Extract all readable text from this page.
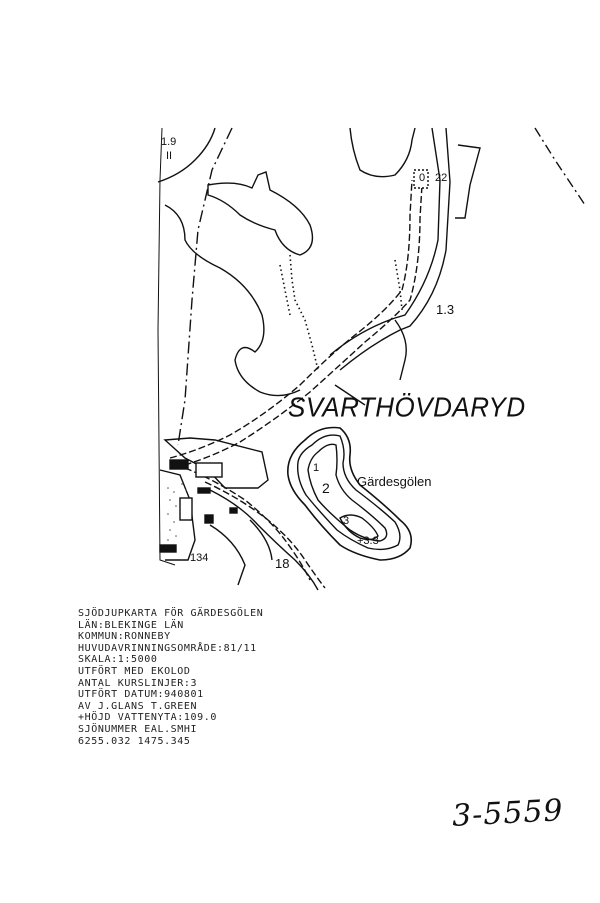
SVARTHÖVDARYD
Gärdesgölen
1.9
II
0 22
1.3
18
134
1
2
3
+3.3
SJÖDJUPKARTA FÖR GÄRDESGÖLEN
LÄN:BLEKINGE LÄN
KOMMUN:RONNEBY
HUVUDAVRINNINGSOMRÅDE:81/11
SKALA:1:5000
UTFÖRT MED EKOLOD
ANTAL KURSLINJER:3
UTFÖRT DATUM:940801
AV J.GLANS T.GREEN
+HÖJD VATTENYTA:109.0
SJÖNUMMER EAL.SMHI
6255.032 1475.345
3-5559
